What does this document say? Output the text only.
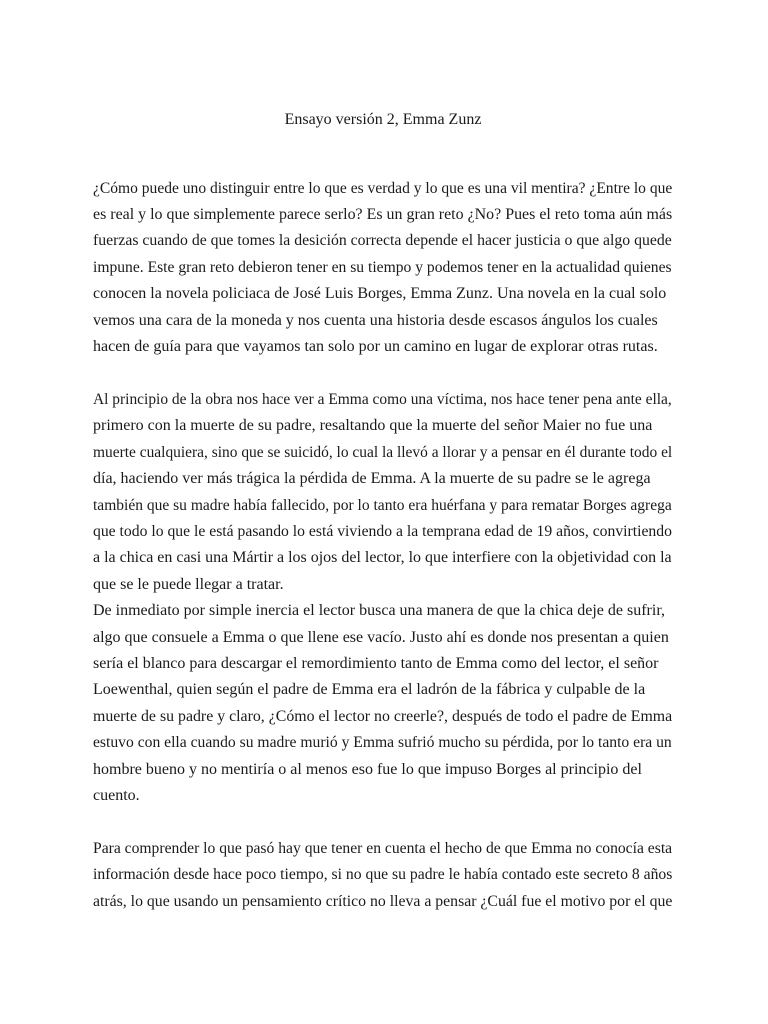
Ensayo versión 2, Emma Zunz
¿Cómo puede uno distinguir entre lo que es verdad y lo que es una vil mentira? ¿Entre lo que
es real y lo que simplemente parece serlo? Es un gran reto ¿No? Pues el reto toma aún más
fuerzas cuando de que tomes la desición correcta depende el hacer justicia o que algo quede
impune. Este gran reto debieron tener en su tiempo y podemos tener en la actualidad quienes
conocen la novela policiaca de José Luis Borges, Emma Zunz. Una novela en la cual solo
vemos una cara de la moneda y nos cuenta una historia desde escasos ángulos los cuales
hacen de guía para que vayamos tan solo por un camino en lugar de explorar otras rutas.
Al principio de la obra nos hace ver a Emma como una víctima, nos hace tener pena ante ella,
primero con la muerte de su padre, resaltando que la muerte del señor Maier no fue una
muerte cualquiera, sino que se suicidó, lo cual la llevó a llorar y a pensar en él durante todo el
día, haciendo ver más trágica la pérdida de Emma. A la muerte de su padre se le agrega
también que su madre había fallecido, por lo tanto era huérfana y para rematar Borges agrega
que todo lo que le está pasando lo está viviendo a la temprana edad de 19 años, convirtiendo
a la chica en casi una Mártir a los ojos del lector, lo que interfiere con la objetividad con la
que se le puede llegar a tratar.
De inmediato por simple inercia el lector busca una manera de que la chica deje de sufrir,
algo que consuele a Emma o que llene ese vacío. Justo ahí es donde nos presentan a quien
sería el blanco para descargar el remordimiento tanto de Emma como del lector, el señor
Loewenthal, quien según el padre de Emma era el ladrón de la fábrica y culpable de la
muerte de su padre y claro, ¿Cómo el lector no creerle?, después de todo el padre de Emma
estuvo con ella cuando su madre murió y Emma sufrió mucho su pérdida, por lo tanto era un
hombre bueno y no mentiría o al menos eso fue lo que impuso Borges al principio del
cuento.
Para comprender lo que pasó hay que tener en cuenta el hecho de que Emma no conocía esta
información desde hace poco tiempo, si no que su padre le había contado este secreto 8 años
atrás, lo que usando un pensamiento crítico no lleva a pensar ¿Cuál fue el motivo por el que
